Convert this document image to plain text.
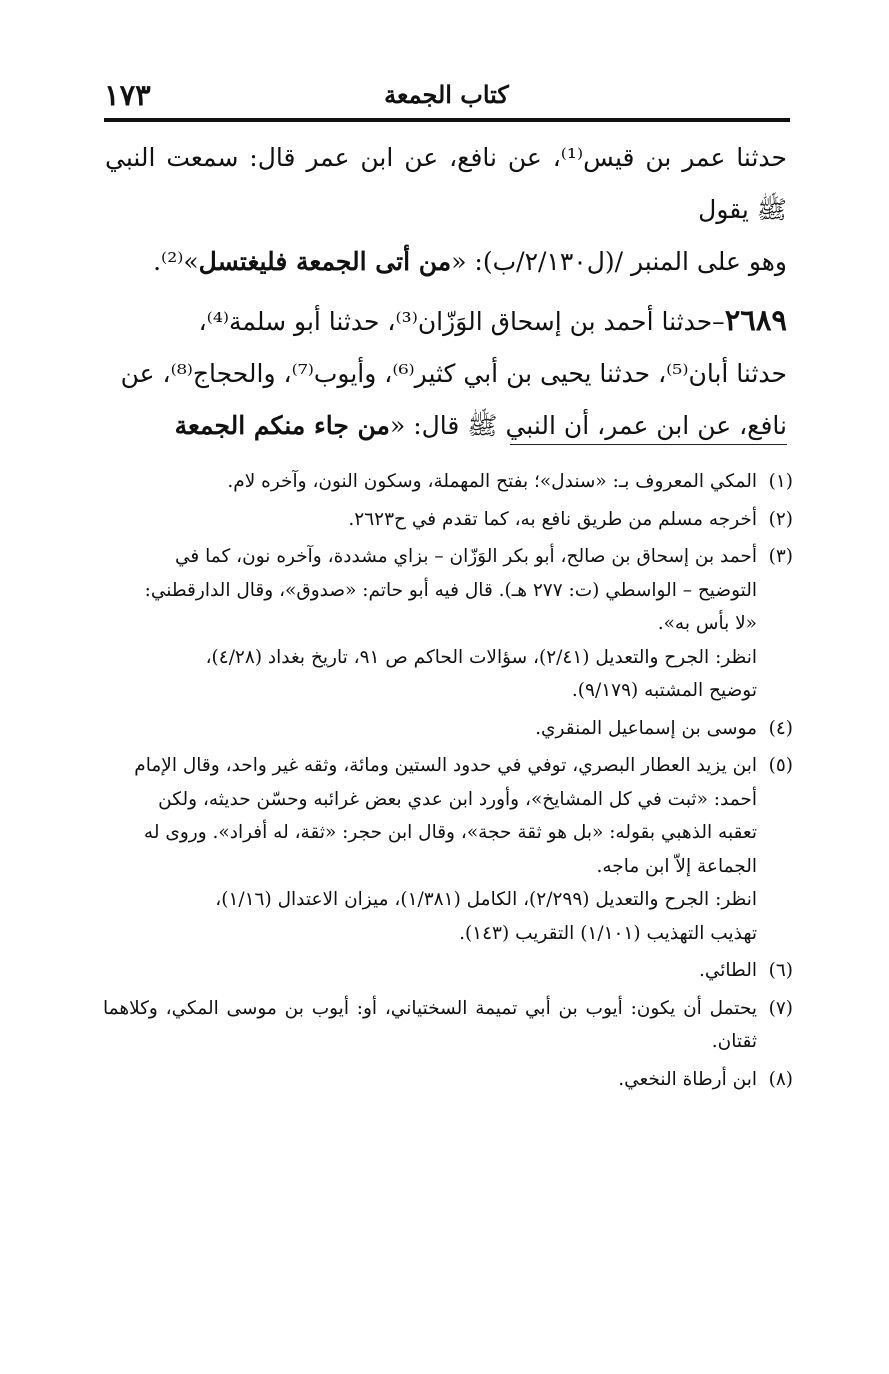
كتاب الجمعة
١٧٣

حدثنا عمر بن قيس⁽¹⁾، عن نافع، عن ابن عمر قال: سمعت النبي ﷺ يقول

وهو على المنبر /(ل٢/١٣٠/ب): «من أتى الجمعة فليغتسل»⁽²⁾.

٢٦٨٩–حدثنا أحمد بن إسحاق الوَزّان⁽³⁾، حدثنا أبو سلمة⁽⁴⁾،

حدثنا أبان⁽⁵⁾، حدثنا يحيى بن أبي كثير⁽⁶⁾، وأيوب⁽⁷⁾، والحجاج⁽⁸⁾، عن

نافع، عن ابن عمر، أن النبي ﷺ قال: «من جاء منكم الجمعة

(١)
المكي المعروف بـ: «سندل»؛ بفتح المهملة، وسكون النون، وآخره لام.
(٢)
أخرجه مسلم من طريق نافع به، كما تقدم في ح٢٦٢٣.
(٣)
أحمد بن إسحاق بن صالح، أبو بكر الوَزّان – بزاي مشددة، وآخره نون، كما في
التوضيح – الواسطي (ت: ٢٧٧ هـ). قال فيه أبو حاتم: «صدوق»، وقال الدارقطني:
«لا بأس به».
انظر: الجرح والتعديل (٢/٤١)، سؤالات الحاكم ص ٩١، تاريخ بغداد (٤/٢٨)،
توضيح المشتبه (٩/١٧٩).
(٤)
موسى بن إسماعيل المنقري.
(٥)
ابن يزيد العطار البصري، توفي في حدود الستين ومائة، وثقه غير واحد، وقال الإمام
أحمد: «ثبت في كل المشايخ»، وأورد ابن عدي بعض غرائبه وحسّن حديثه، ولكن
تعقبه الذهبي بقوله: «بل هو ثقة حجة»، وقال ابن حجر: «ثقة، له أفراد». وروى له
الجماعة إلاّ ابن ماجه.
انظر: الجرح والتعديل (٢/٢٩٩)، الكامل (١/٣٨١)، ميزان الاعتدال (١/١٦)،
تهذيب التهذيب (١/١٠١) التقريب (١٤٣).
(٦)
الطائي.
(٧)
يحتمل أن يكون: أيوب بن أبي تميمة السختياني، أو: أيوب بن موسى المكي، وكلاهما ثقتان.
(٨)
ابن أرطاة النخعي.
